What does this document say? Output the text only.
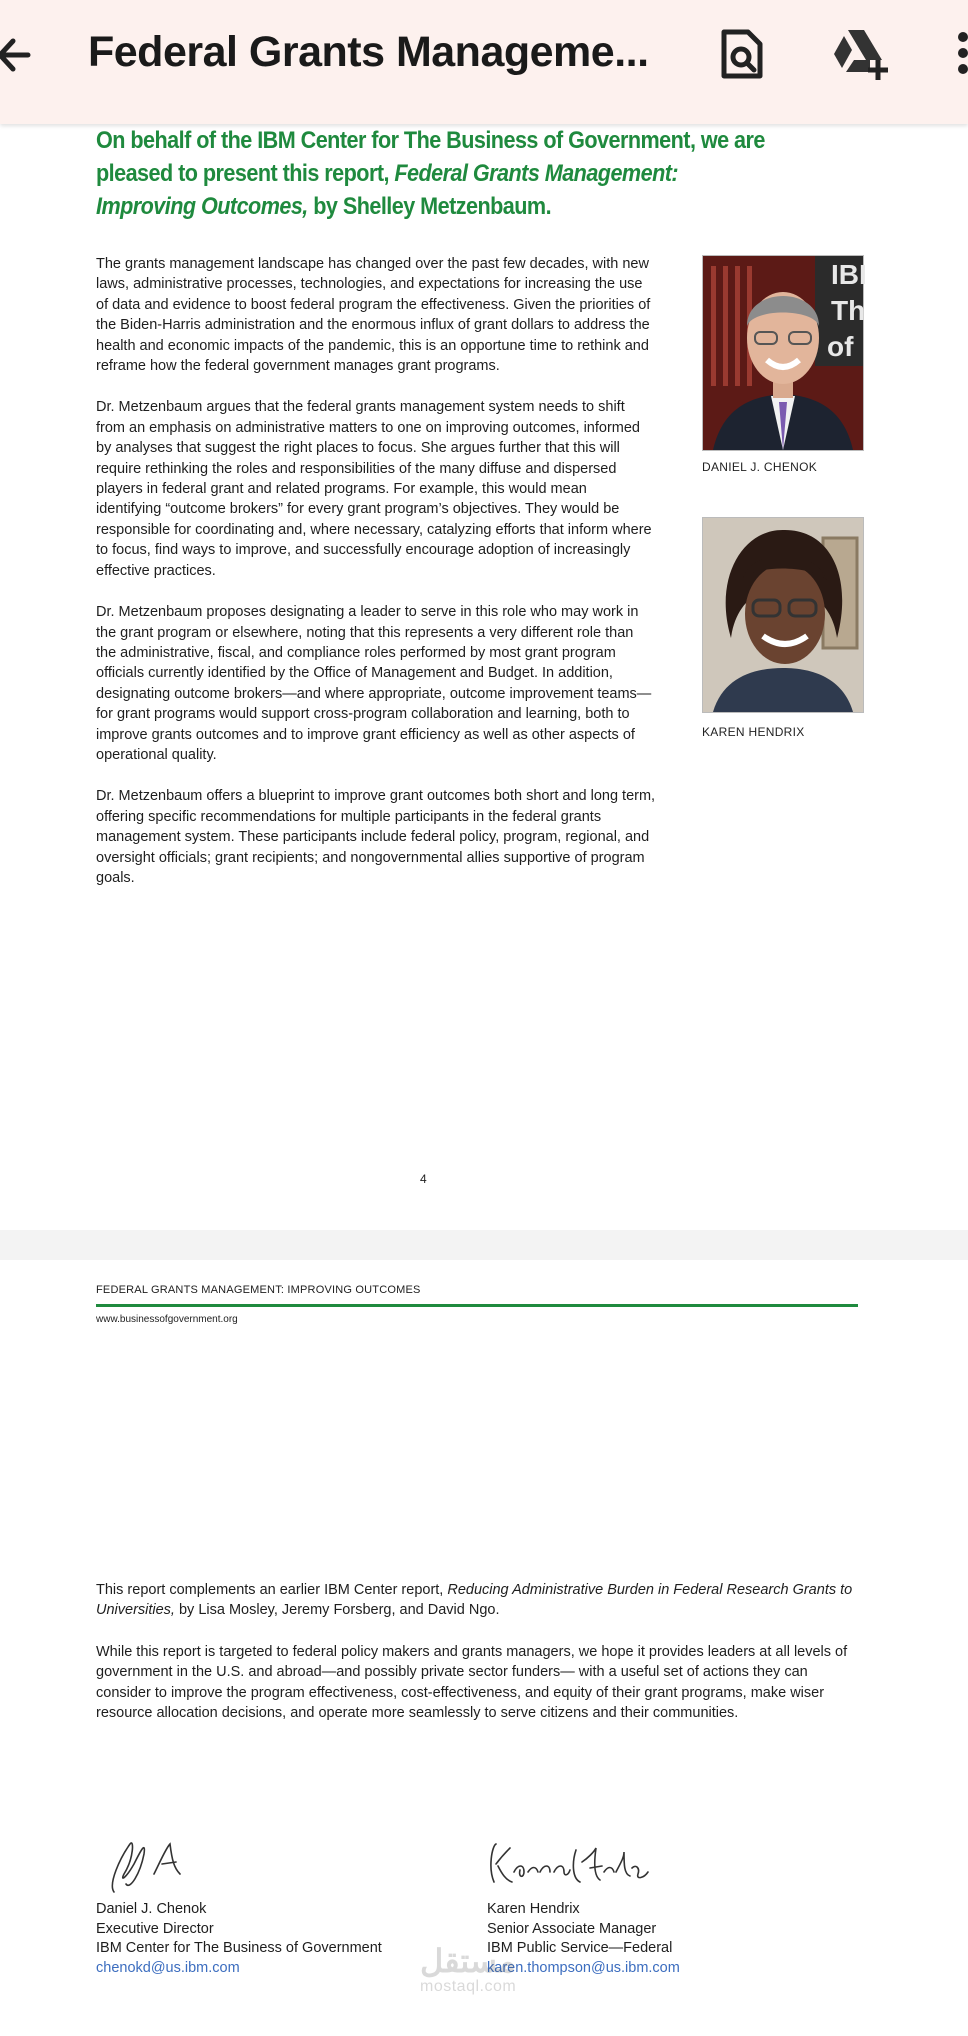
Federal Grants Manageme...
On behalf of the IBM Center for The Business of Government, we are pleased to present this report, Federal Grants Management: Improving Outcomes, by Shelley Metzenbaum.

The grants management landscape has changed over the past few decades, with new laws, administrative processes, technologies, and expectations for increasing the use of data and evidence to boost federal program the effectiveness. Given the priorities of the Biden-Harris administration and the enormous influx of grant dollars to address the health and economic impacts of the pandemic, this is an opportune time to rethink and reframe how the federal government manages grant programs.

Dr. Metzenbaum argues that the federal grants management system needs to shift from an emphasis on administrative matters to one on improving outcomes, informed by analyses that suggest the right places to focus. She argues further that this will require rethinking the roles and responsibilities of the many diffuse and dispersed players in federal grant and related programs. For example, this would mean identifying “outcome brokers” for every grant program’s objectives. They would be responsible for coordinating and, where necessary, catalyzing efforts that inform where to focus, find ways to improve, and successfully encourage adoption of increasingly effective practices.

Dr. Metzenbaum proposes designating a leader to serve in this role who may work in the grant program or elsewhere, noting that this represents a very different role than the administrative, fiscal, and compliance roles performed by most grant program officials currently identified by the Office of Management and Budget. In addition, designating outcome brokers—and where appropriate, outcome improvement teams—for grant programs would support cross-program collaboration and learning, both to improve grants outcomes and to improve grant efficiency as well as other aspects of operational quality.

Dr. Metzenbaum offers a blueprint to improve grant outcomes both short and long term, offering specific recommendations for multiple participants in the federal grants management system. These participants include federal policy, program, regional, and oversight officials; grant recipients; and nongovernmental allies supportive of program goals.

IBI
Th
of
DANIEL J. CHENOK
KAREN HENDRIX
4
FEDERAL GRANTS MANAGEMENT: IMPROVING OUTCOMES
www.businessofgovernment.org

This report complements an earlier IBM Center report, Reducing Administrative Burden in Federal Research Grants to Universities, by Lisa Mosley, Jeremy Forsberg, and David Ngo.

While this report is targeted to federal policy makers and grants managers, we hope it provides leaders at all levels of government in the U.S. and abroad—and possibly private sector funders— with a useful set of actions they can consider to improve the program effectiveness, cost-effectiveness, and equity of their grant programs, make wiser resource allocation decisions, and operate more seamlessly to serve citizens and their communities.

Daniel J. Chenok
Executive Director
IBM Center for The Business of Government
chenokd@us.ibm.com
Karen Hendrix
Senior Associate Manager
IBM Public Service—Federal
karen.thompson@us.ibm.com
مستقل
mostaql.com
